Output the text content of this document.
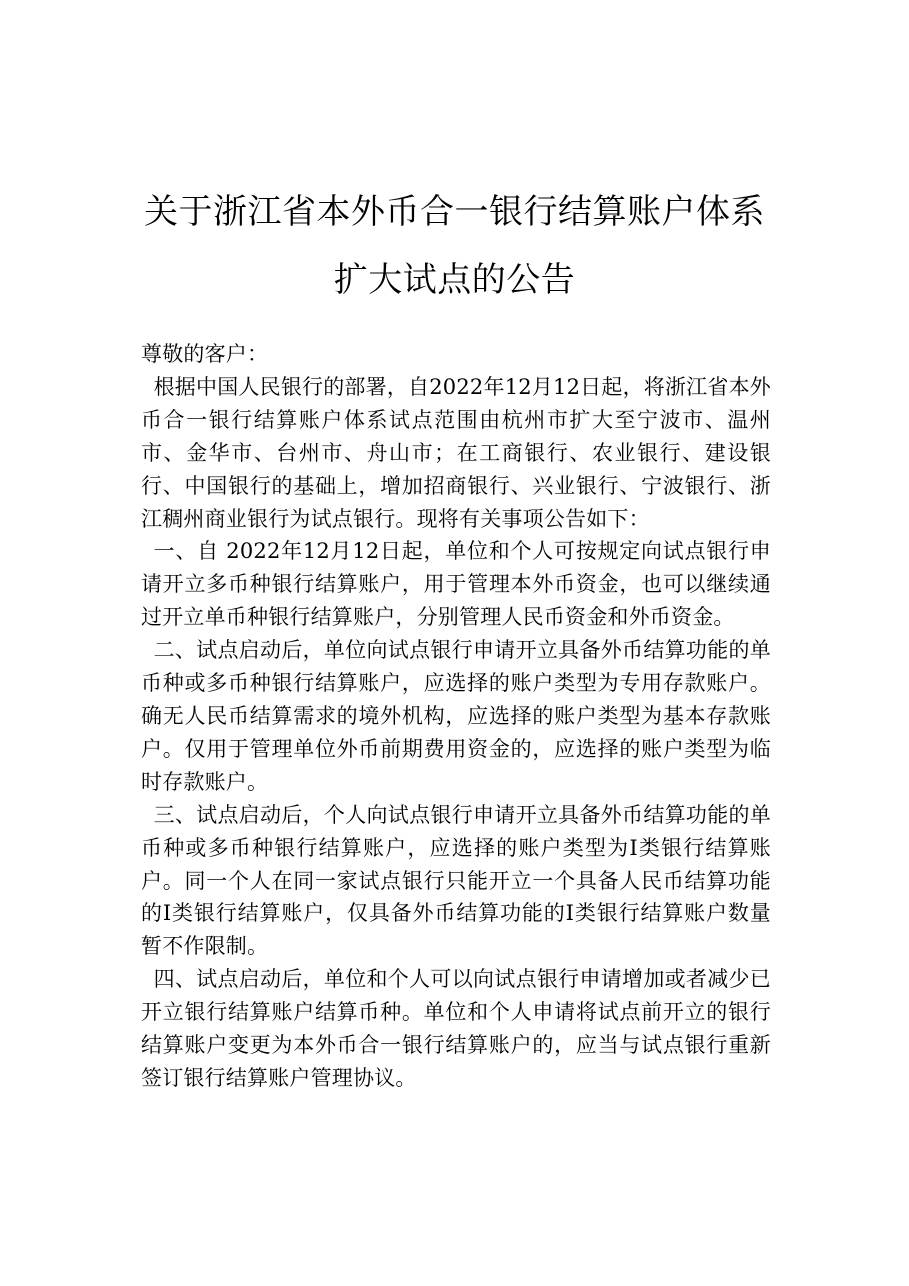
关于浙江省本外币合一银行结算账户体系
扩大试点的公告

尊敬的客户：

根据中国人民银行的部署，自2022年12月12日起，将浙江省本外币合一银行结算账户体系试点范围由杭州市扩大至宁波市、温州市、金华市、台州市、舟山市；在工商银行、农业银行、建设银行、中国银行的基础上，增加招商银行、兴业银行、宁波银行、浙江稠州商业银行为试点银行。现将有关事项公告如下：

一、自 2022年12月12日起，单位和个人可按规定向试点银行申请开立多币种银行结算账户，用于管理本外币资金，也可以继续通过开立单币种银行结算账户，分别管理人民币资金和外币资金。

二、试点启动后，单位向试点银行申请开立具备外币结算功能的单币种或多币种银行结算账户，应选择的账户类型为专用存款账户。确无人民币结算需求的境外机构，应选择的账户类型为基本存款账户。仅用于管理单位外币前期费用资金的，应选择的账户类型为临时存款账户。

三、试点启动后，个人向试点银行申请开立具备外币结算功能的单币种或多币种银行结算账户，应选择的账户类型为I类银行结算账户。同一个人在同一家试点银行只能开立一个具备人民币结算功能的I类银行结算账户，仅具备外币结算功能的I类银行结算账户数量暂不作限制。

四、试点启动后，单位和个人可以向试点银行申请增加或者减少已开立银行结算账户结算币种。单位和个人申请将试点前开立的银行结算账户变更为本外币合一银行结算账户的，应当与试点银行重新签订银行结算账户管理协议。
